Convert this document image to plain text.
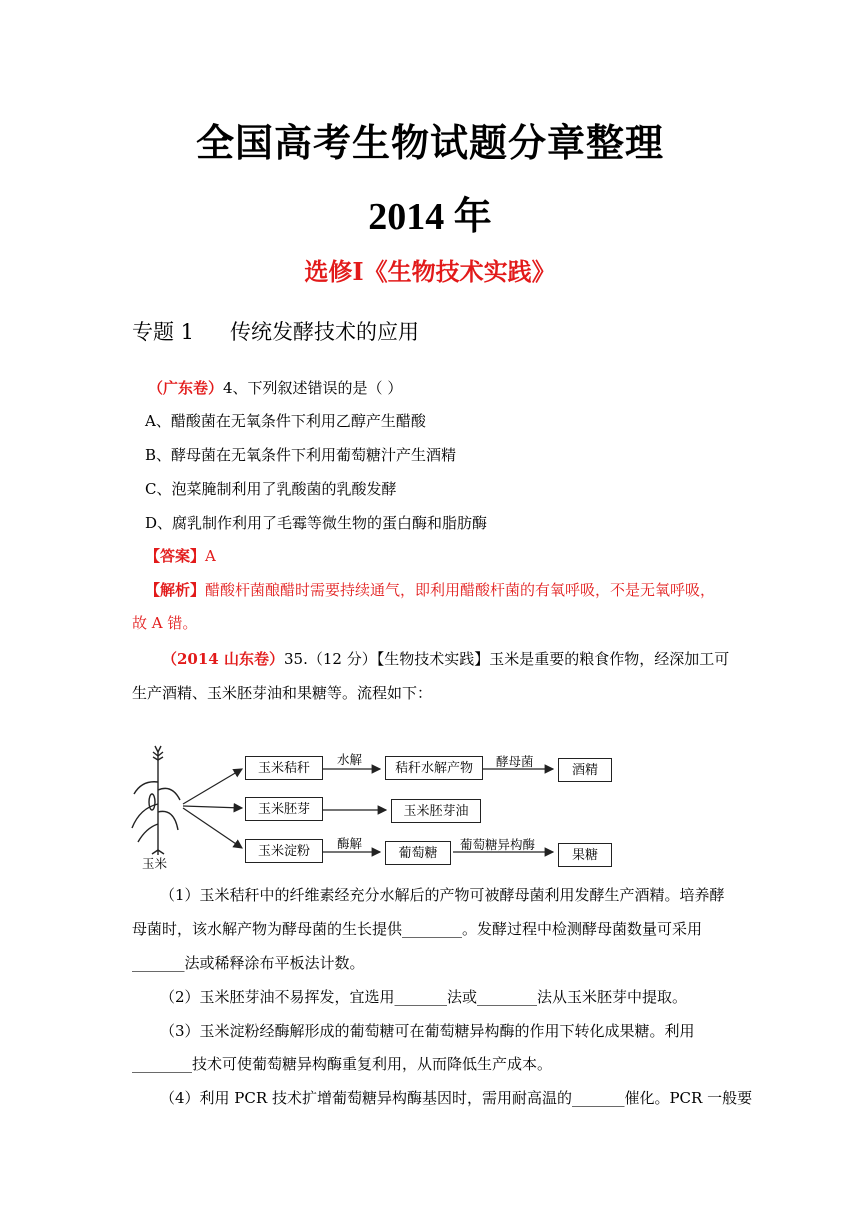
全国高考生物试题分章整理
2014 年
选修Ⅰ《生物技术实践》
专题 1 传统发酵技术的应用
（广东卷）4、下列叙述错误的是（ ）
A、醋酸菌在无氧条件下利用乙醇产生醋酸
B、酵母菌在无氧条件下利用葡萄糖汁产生酒精
C、泡菜腌制利用了乳酸菌的乳酸发酵
D、腐乳制作利用了毛霉等微生物的蛋白酶和脂肪酶
【答案】A
【解析】醋酸杆菌酿醋时需要持续通气，即利用醋酸杆菌的有氧呼吸，不是无氧呼吸，
故 A 错。
（2014 山东卷）35.（12 分）【生物技术实践】玉米是重要的粮食作物，经深加工可
生产酒精、玉米胚芽油和果糖等。流程如下：
玉米
玉米秸秆
水解
秸秆水解产物	酵母菌
酒精
玉米胚芽	玉米胚芽油
玉米淀粉
酶解
葡萄糖
葡萄糖异构酶
果糖
（1）玉米秸秆中的纤维素经充分水解后的产物可被酵母菌利用发酵生产酒精。培养酵
母菌时，该水解产物为酵母菌的生长提供________。发酵过程中检测酵母菌数量可采用
_______法或稀释涂布平板法计数。
（2）玉米胚芽油不易挥发，宜选用_______法或________法从玉米胚芽中提取。
（3）玉米淀粉经酶解形成的葡萄糖可在葡萄糖异构酶的作用下转化成果糖。利用
________技术可使葡萄糖异构酶重复利用，从而降低生产成本。
（4）利用 PCR 技术扩增葡萄糖异构酶基因时，需用耐高温的_______催化。PCR 一般要
